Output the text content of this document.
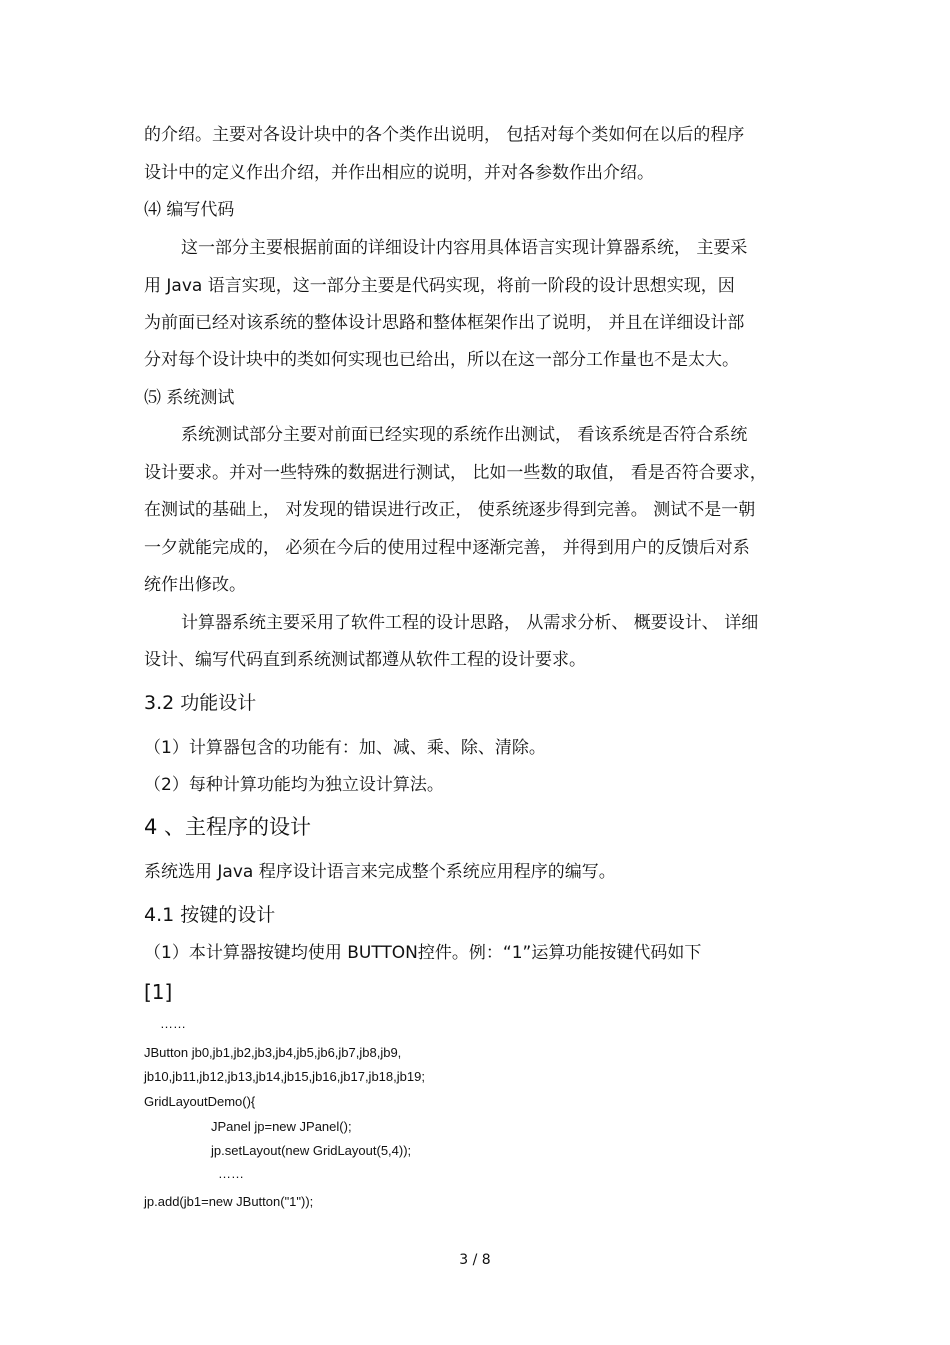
的介绍。主要对各设计块中的各个类作出说明， 包括对每个类如何在以后的程序
设计中的定义作出介绍，并作出相应的说明，并对各参数作出介绍。
⑷ 编写代码
这一部分主要根据前面的详细设计内容用具体语言实现计算器系统， 主要采
用 Java 语言实现，这一部分主要是代码实现，将前一阶段的设计思想实现，因
为前面已经对该系统的整体设计思路和整体框架作出了说明， 并且在详细设计部
分对每个设计块中的类如何实现也已给出，所以在这一部分工作量也不是太大。
⑸ 系统测试
系统测试部分主要对前面已经实现的系统作出测试， 看该系统是否符合系统
设计要求。并对一些特殊的数据进行测试， 比如一些数的取值， 看是否符合要求，
在测试的基础上， 对发现的错误进行改正， 使系统逐步得到完善。 测试不是一朝
一夕就能完成的， 必须在今后的使用过程中逐渐完善， 并得到用户的反馈后对系
统作出修改。
计算器系统主要采用了软件工程的设计思路， 从需求分析、 概要设计、 详细
设计、编写代码直到系统测试都遵从软件工程的设计要求。
3.2 功能设计
（1）计算器包含的功能有：加、减、乘、除、清除。
（2）每种计算功能均为独立设计算法。
4 、主程序的设计
系统选用 Java 程序设计语言来完成整个系统应用程序的编写。
4.1 按键的设计
（1）本计算器按键均使用 BUTTON控件。例：“1”运算功能按键代码如下
[1]
……
JButton jb0,jb1,jb2,jb3,jb4,jb5,jb6,jb7,jb8,jb9,
jb10,jb11,jb12,jb13,jb14,jb15,jb16,jb17,jb18,jb19;
GridLayoutDemo(){
JPanel jp=new JPanel();
jp.setLayout(new GridLayout(5,4));
……
jp.add(jb1=new JButton("1"));
3 / 8
